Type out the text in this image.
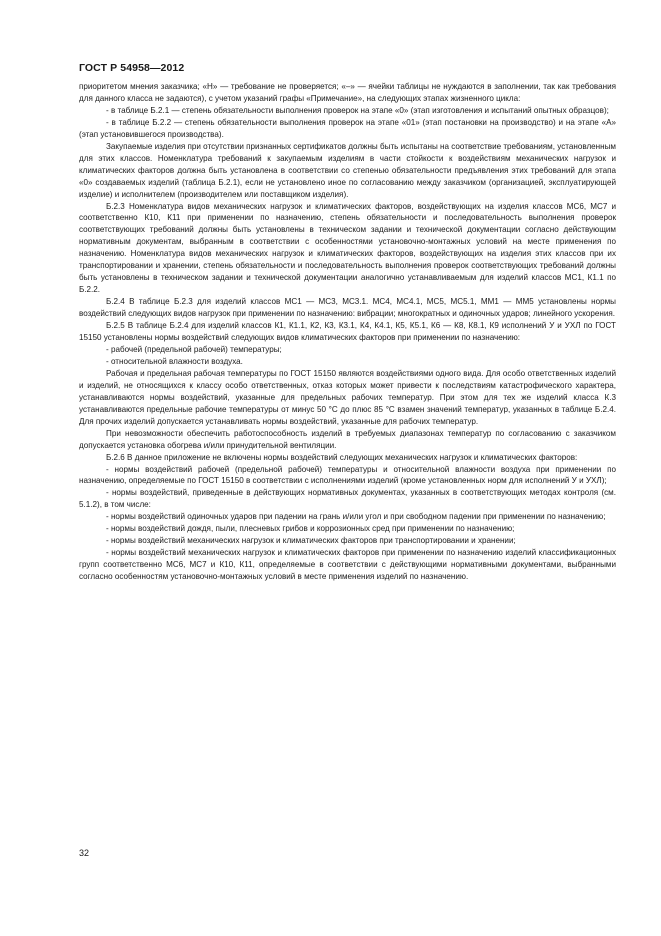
ГОСТ Р 54958—2012

приоритетом мнения заказчика; «Н» — требование не проверяется; «–» — ячейки таблицы не нуждаются в заполнении, так как требования для данного класса не задаются), с учетом указаний графы «Примечание», на следующих этапах жизненного цикла:

- в таблице Б.2.1 — степень обязательности выполнения проверок на этапе «0» (этап изготовления и испытаний опытных образцов);

- в таблице Б.2.2 — степень обязательности выполнения проверок на этапе «01» (этап постановки на производство) и на этапе «А» (этап установившегося производства).

Закупаемые изделия при отсутствии признанных сертификатов должны быть испытаны на соответствие требованиям, установленным для этих классов. Номенклатура требований к закупаемым изделиям в части стойкости к воздействиям механических нагрузок и климатических факторов должна быть установлена в соответствии со степенью обязательности предъявления этих требований для этапа «0» создаваемых изделий (таблица Б.2.1), если не установлено иное по согласованию между заказчиком (организацией, эксплуатирующей изделие) и исполнителем (производителем или поставщиком изделия).

Б.2.3 Номенклатура видов механических нагрузок и климатических факторов, воздействующих на изделия классов МС6, МС7 и соответственно К10, К11 при применении по назначению, степень обязательности и последовательность выполнения проверок соответствующих требований должны быть установлены в техническом задании и технической документации согласно действующим нормативным документам, выбранным в соответствии с особенностями установочно-монтажных условий на месте применения по назначению. Номенклатура видов механических нагрузок и климатических факторов, воздействующих на изделия этих классов при их транспортировании и хранении, степень обязательности и последовательность выполнения проверок соответствующих требований должны быть установлены в техническом задании и технической документации аналогично устанавливаемым для изделий классов МС1, К1.1 по Б.2.2.

Б.2.4 В таблице Б.2.3 для изделий классов МС1 — МС3, МС3.1. МС4, МС4.1, МС5, МС5.1, ММ1 — ММ5 установлены нормы воздействий следующих видов нагрузок при применении по назначению: вибрации; многократных и одиночных ударов; линейного ускорения.

Б.2.5 В таблице Б.2.4 для изделий классов К1, К1.1, К2, К3, К3.1, К4, К4.1, К5, К5.1, К6 — К8, К8.1, К9 исполнений У и УХЛ по ГОСТ 15150 установлены нормы воздействий следующих видов климатических факторов при применении по назначению:

- рабочей (предельной рабочей) температуры;

- относительной влажности воздуха.

Рабочая и предельная рабочая температуры по ГОСТ 15150 являются воздействиями одного вида. Для особо ответственных изделий и изделий, не относящихся к классу особо ответственных, отказ которых может привести к последствиям катастрофического характера, устанавливаются нормы воздействий, указанные для предельных рабочих температур. При этом для тех же изделий класса К.3 устанавливаются предельные рабочие температуры от минус 50 °С до плюс 85 °С взамен значений температур, указанных в таблице Б.2.4. Для прочих изделий допускается устанавливать нормы воздействий, указанные для рабочих температур.

При невозможности обеспечить работоспособность изделий в требуемых диапазонах температур по согласованию с заказчиком допускается установка обогрева и/или принудительной вентиляции.

Б.2.6 В данное приложение не включены нормы воздействий следующих механических нагрузок и климатических факторов:

- нормы воздействий рабочей (предельной рабочей) температуры и относительной влажности воздуха при применении по назначению, определяемые по ГОСТ 15150 в соответствии с исполнениями изделий (кроме установленных норм для исполнений У и УХЛ);

- нормы воздействий, приведенные в действующих нормативных документах, указанных в соответствующих методах контроля (см. 5.1.2), в том числе:

- нормы воздействий одиночных ударов при падении на грань и/или угол и при свободном падении при применении по назначению;

- нормы воздействий дождя, пыли, плесневых грибов и коррозионных сред при применении по назначению;

- нормы воздействий механических нагрузок и климатических факторов при транспортировании и хранении;

- нормы воздействий механических нагрузок и климатических факторов при применении по назначению изделий классификационных групп соответственно МС6, МС7 и К10, К11, определяемые в соответствии с действующими нормативными документами, выбранными согласно особенностям установочно-монтажных условий в месте применения изделий по назначению.

32
